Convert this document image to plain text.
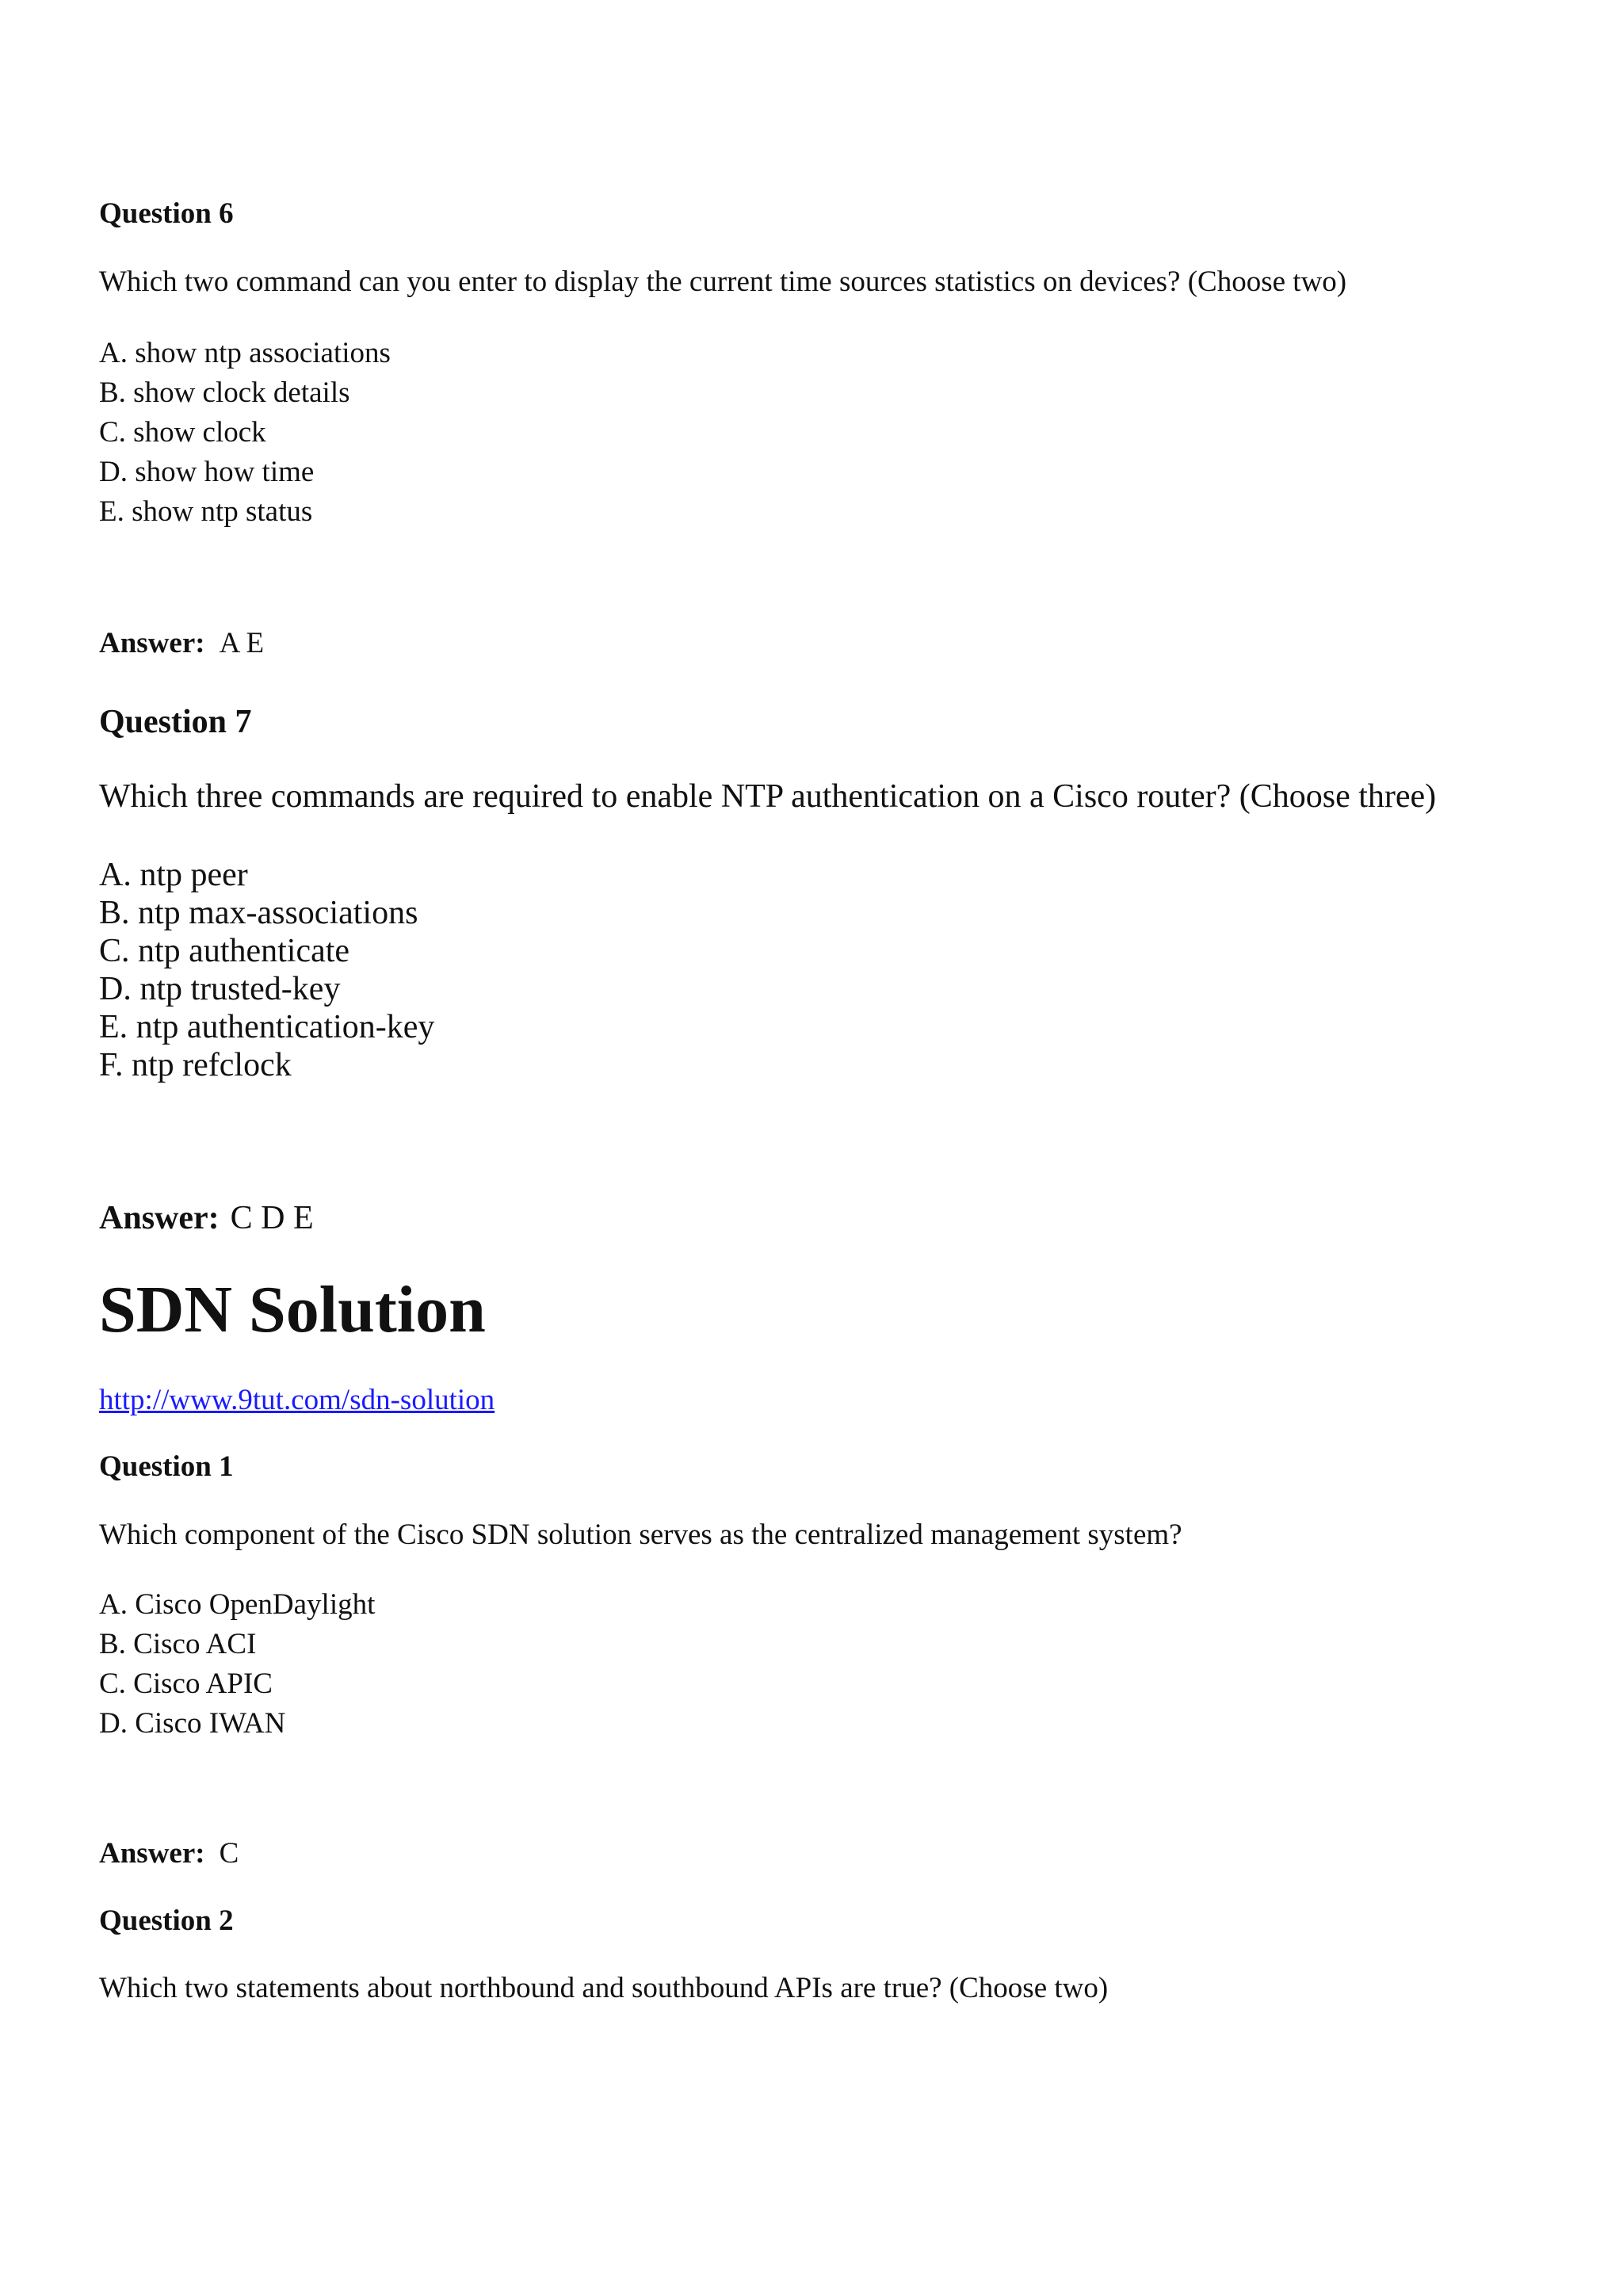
Question 6

Which two command can you enter to display the current time sources statistics on devices? (Choose two)

A. show ntp associations
B. show clock details
C. show clock
D. show how time
E. show ntp status

Answer: A E

Question 7

Which three commands are required to enable NTP authentication on a Cisco router? (Choose three)

A. ntp peer
B. ntp max-associations
C. ntp authenticate
D. ntp trusted-key
E. ntp authentication-key
F. ntp refclock

Answer: C D E

SDN Solution
http://www.9tut.com/sdn-solution

Question 1

Which component of the Cisco SDN solution serves as the centralized management system?

A. Cisco OpenDaylight
B. Cisco ACI
C. Cisco APIC
D. Cisco IWAN

Answer: C

Question 2

Which two statements about northbound and southbound APIs are true? (Choose two)
